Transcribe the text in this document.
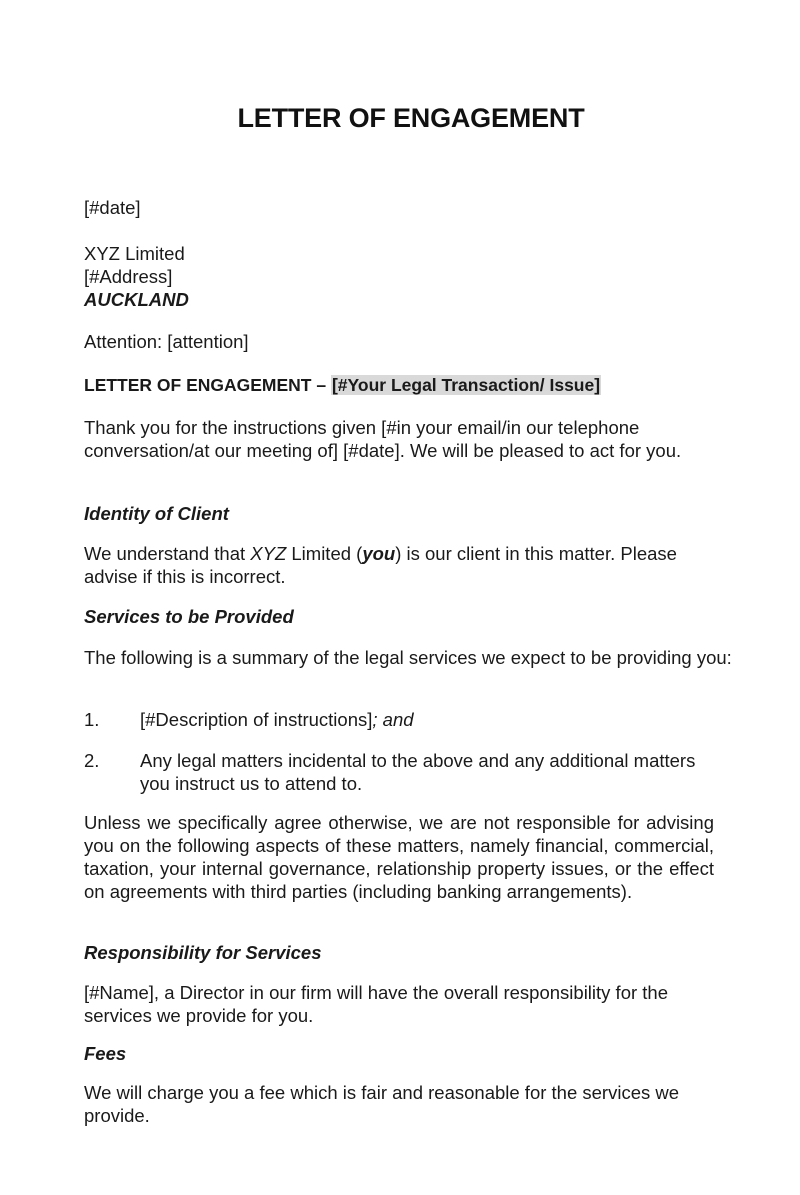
LETTER OF ENGAGEMENT

[#date]

XYZ Limited
[#Address]
AUCKLAND

Attention: [attention]

LETTER OF ENGAGEMENT – [#Your Legal Transaction/ Issue]

Thank you for the instructions given [#in your email/in our telephone conversation/at our meeting of] [#date]. We will be pleased to act for you.

Identity of Client

We understand that XYZ Limited (you) is our client in this matter. Please advise if this is incorrect.

Services to be Provided

The following is a summary of the legal services we expect to be providing you:

1. [#Description of instructions]; and
2. Any legal matters incidental to the above and any additional matters you instruct us to attend to.

Unless we specifically agree otherwise, we are not responsible for advising you on the following aspects of these matters, namely financial, commercial, taxation, your internal governance, relationship property issues, or the effect on agreements with third parties (including banking arrangements).

Responsibility for Services

[#Name], a Director in our firm will have the overall responsibility for the services we provide for you.

Fees

We will charge you a fee which is fair and reasonable for the services we provide.
